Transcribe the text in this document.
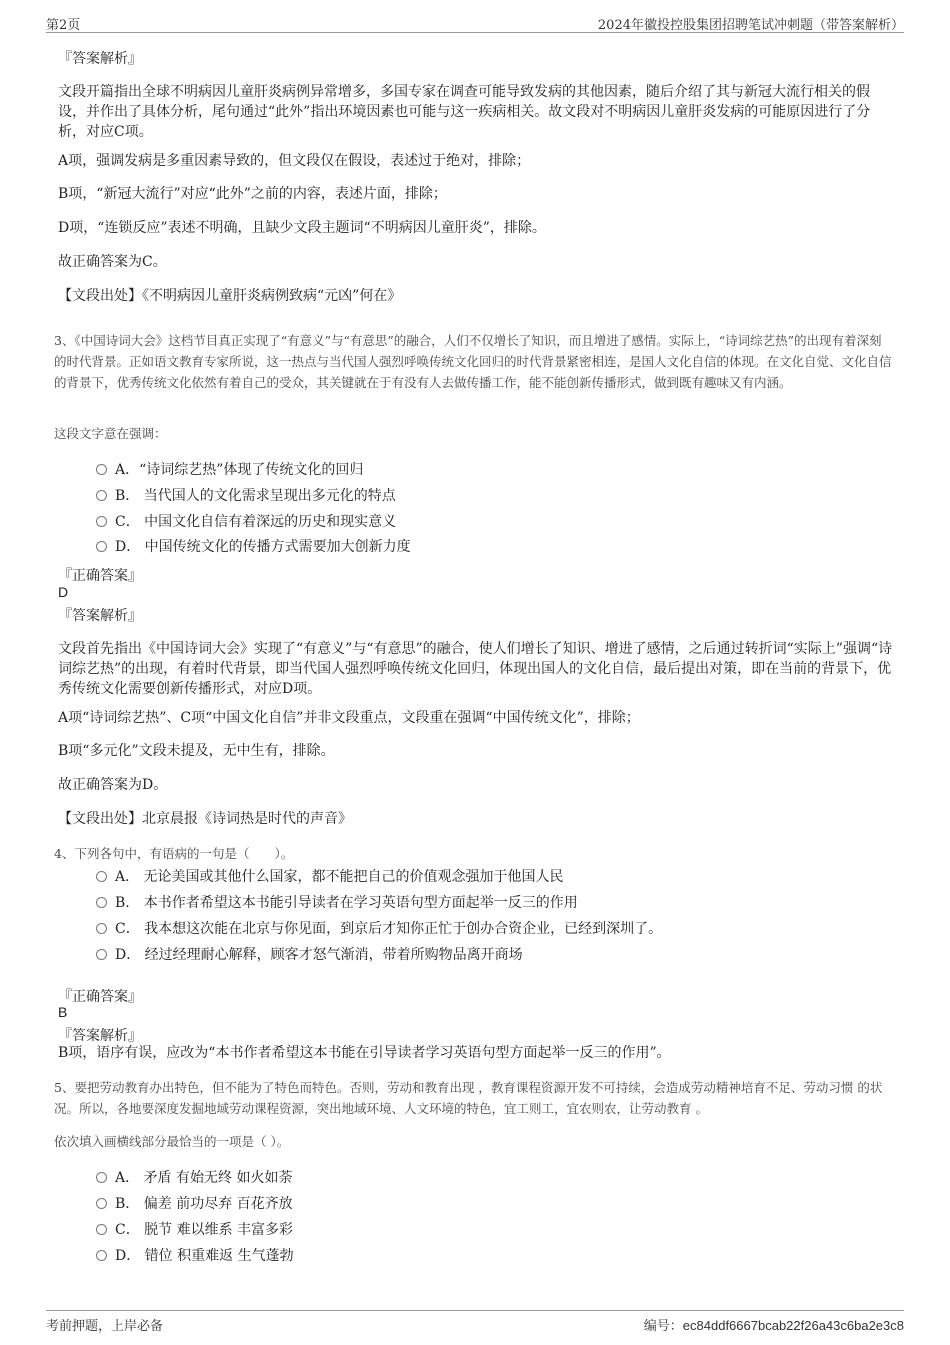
第2页	2024年徽投控股集团招聘笔试冲刺题（带答案解析）
『答案解析』

文段开篇指出全球不明病因儿童肝炎病例异常增多，多国专家在调查可能导致发病的其他因素，随后介绍了其与新冠大流行相关的假设，并作出了具体分析，尾句通过“此外”指出环境因素也可能与这一疾病相关。故文段对不明病因儿童肝炎发病的可能原因进行了分析，对应C项。

A项，强调发病是多重因素导致的，但文段仅在假设，表述过于绝对，排除；

B项，“新冠大流行”对应“此外”之前的内容，表述片面，排除；

D项，“连锁反应”表述不明确，且缺少文段主题词“不明病因儿童肝炎”，排除。

故正确答案为C。

【文段出处】《不明病因儿童肝炎病例致病“元凶”何在》

3、《中国诗词大会》这档节目真正实现了“有意义”与“有意思”的融合，人们不仅增长了知识，而且增进了感情。实际上，“诗词综艺热”的出现有着深刻的时代背景。正如语文教育专家所说，这一热点与当代国人强烈呼唤传统文化回归的时代背景紧密相连，是国人文化自信的体现。在文化自觉、文化自信的背景下，优秀传统文化依然有着自己的受众，其关键就在于有没有人去做传播工作，能不能创新传播形式，做到既有趣味又有内涵。

这段文字意在强调：

A．“诗词综艺热”体现了传统文化的回归
B． 当代国人的文化需求呈现出多元化的特点
C． 中国文化自信有着深远的历史和现实意义
D． 中国传统文化的传播方式需要加大创新力度
『正确答案』
D
『答案解析』

文段首先指出《中国诗词大会》实现了“有意义”与“有意思”的融合，使人们增长了知识、增进了感情，之后通过转折词“实际上”强调“诗词综艺热”的出现，有着时代背景，即当代国人强烈呼唤传统文化回归，体现出国人的文化自信，最后提出对策，即在当前的背景下，优秀传统文化需要创新传播形式，对应D项。

A项“诗词综艺热”、C项“中国文化自信”并非文段重点，文段重在强调“中国传统文化”，排除；

B项“多元化”文段未提及，无中生有，排除。

故正确答案为D。

【文段出处】北京晨报《诗词热是时代的声音》

4、下列各句中，有语病的一句是（　　）。

A． 无论美国或其他什么国家，都不能把自己的价值观念强加于他国人民
B． 本书作者希望这本书能引导读者在学习英语句型方面起举一反三的作用
C． 我本想这次能在北京与你见面，到京后才知你正忙于创办合资企业，已经到深圳了。
D． 经过经理耐心解释，顾客才怒气渐消，带着所购物品离开商场
『正确答案』
B
『答案解析』

B项，语序有误，应改为“本书作者希望这本书能在引导读者学习英语句型方面起举一反三的作用”。

5、要把劳动教育办出特色，但不能为了特色而特色。否则，劳动和教育出现 ，教育课程资源开发不可持续，会造成劳动精神培育不足、劳动习惯 的状况。所以，各地要深度发掘地域劳动课程资源，突出地域环境、人文环境的特色，宜工则工，宜农则农，让劳动教育 。

依次填入画横线部分最恰当的一项是（ ）。

A． 矛盾 有始无终 如火如荼
B． 偏差 前功尽弃 百花齐放
C． 脱节 难以维系 丰富多彩
D． 错位 积重难返 生气蓬勃
考前押题，上岸必备	编号：ec84ddf6667bcab22f26a43c6ba2e3c8
